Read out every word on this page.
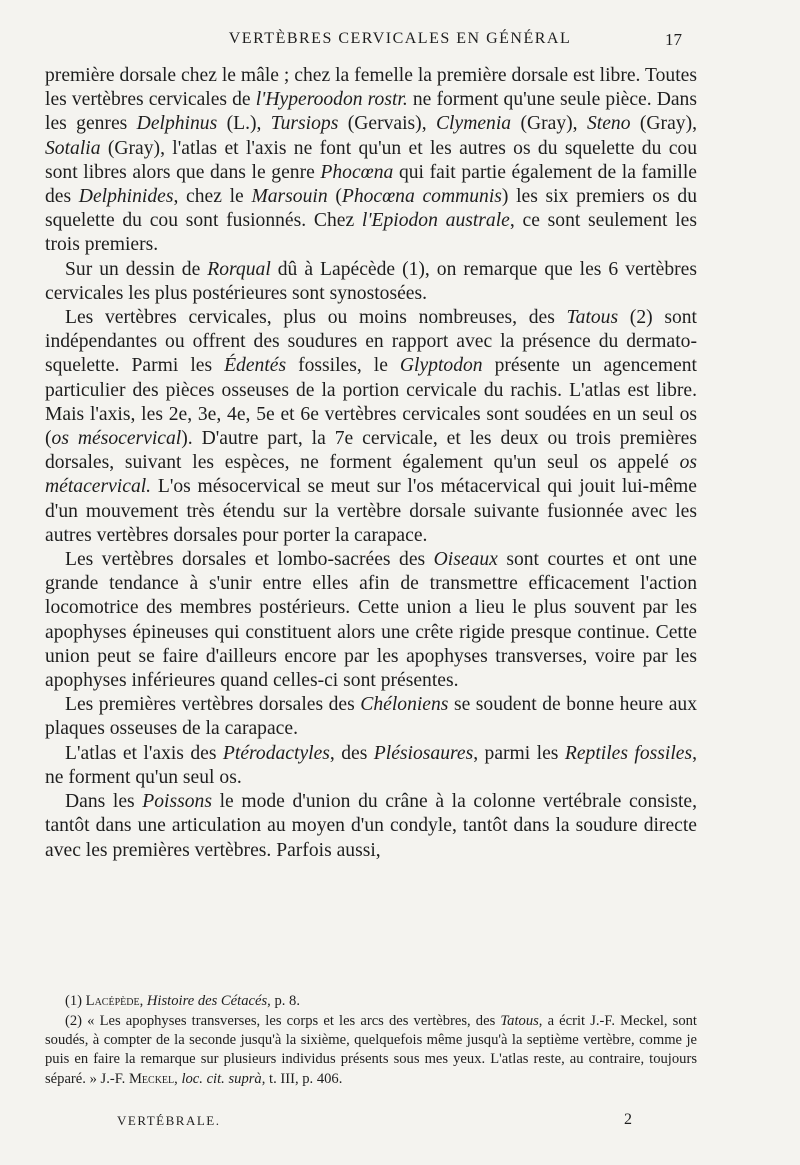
VERTÈBRES CERVICALES EN GÉNÉRAL	17

première dorsale chez le mâle ; chez la femelle la première dorsale est libre. Toutes les vertèbres cervicales de l'Hyperoodon rostr. ne forment qu'une seule pièce. Dans les genres Delphinus (L.), Tursiops (Gervais), Clymenia (Gray), Steno (Gray), Sotalia (Gray), l'atlas et l'axis ne font qu'un et les autres os du squelette du cou sont libres alors que dans le genre Phocœna qui fait partie également de la famille des Delphinides, chez le Marsouin (Phocœna communis) les six premiers os du squelette du cou sont fusionnés. Chez l'Epiodon australe, ce sont seulement les trois premiers.

Sur un dessin de Rorqual dû à Lapécède (1), on remarque que les 6 vertèbres cervicales les plus postérieures sont synostosées.

Les vertèbres cervicales, plus ou moins nombreuses, des Tatous (2) sont indépendantes ou offrent des soudures en rapport avec la présence du dermato-squelette. Parmi les Édentés fossiles, le Glyptodon présente un agencement particulier des pièces osseuses de la portion cervicale du rachis. L'atlas est libre. Mais l'axis, les 2e, 3e, 4e, 5e et 6e vertèbres cervicales sont soudées en un seul os (os mésocervical). D'autre part, la 7e cervicale, et les deux ou trois premières dorsales, suivant les espèces, ne forment également qu'un seul os appelé os métacervical. L'os mésocervical se meut sur l'os métacervical qui jouit lui-même d'un mouvement très étendu sur la vertèbre dorsale suivante fusionnée avec les autres vertèbres dorsales pour porter la carapace.

Les vertèbres dorsales et lombo-sacrées des Oiseaux sont courtes et ont une grande tendance à s'unir entre elles afin de transmettre efficacement l'action locomotrice des membres postérieurs. Cette union a lieu le plus souvent par les apophyses épineuses qui constituent alors une crête rigide presque continue. Cette union peut se faire d'ailleurs encore par les apophyses transverses, voire par les apophyses inférieures quand celles-ci sont présentes.

Les premières vertèbres dorsales des Chéloniens se soudent de bonne heure aux plaques osseuses de la carapace.

L'atlas et l'axis des Ptérodactyles, des Plésiosaures, parmi les Reptiles fossiles, ne forment qu'un seul os.

Dans les Poissons le mode d'union du crâne à la colonne vertébrale consiste, tantôt dans une articulation au moyen d'un condyle, tantôt dans la soudure directe avec les premières vertèbres. Parfois aussi,

(1) Lacépède, Histoire des Cétacés, p. 8.

(2) « Les apophyses transverses, les corps et les arcs des vertèbres, des Tatous, a écrit J.-F. Meckel, sont soudés, à compter de la seconde jusqu'à la sixième, quelquefois même jusqu'à la septième vertèbre, comme je puis en faire la remarque sur plusieurs individus présents sous mes yeux. L'atlas reste, au contraire, toujours séparé. » J.-F. Meckel, loc. cit. suprà, t. III, p. 406.

VERTÉBRALE.	2
